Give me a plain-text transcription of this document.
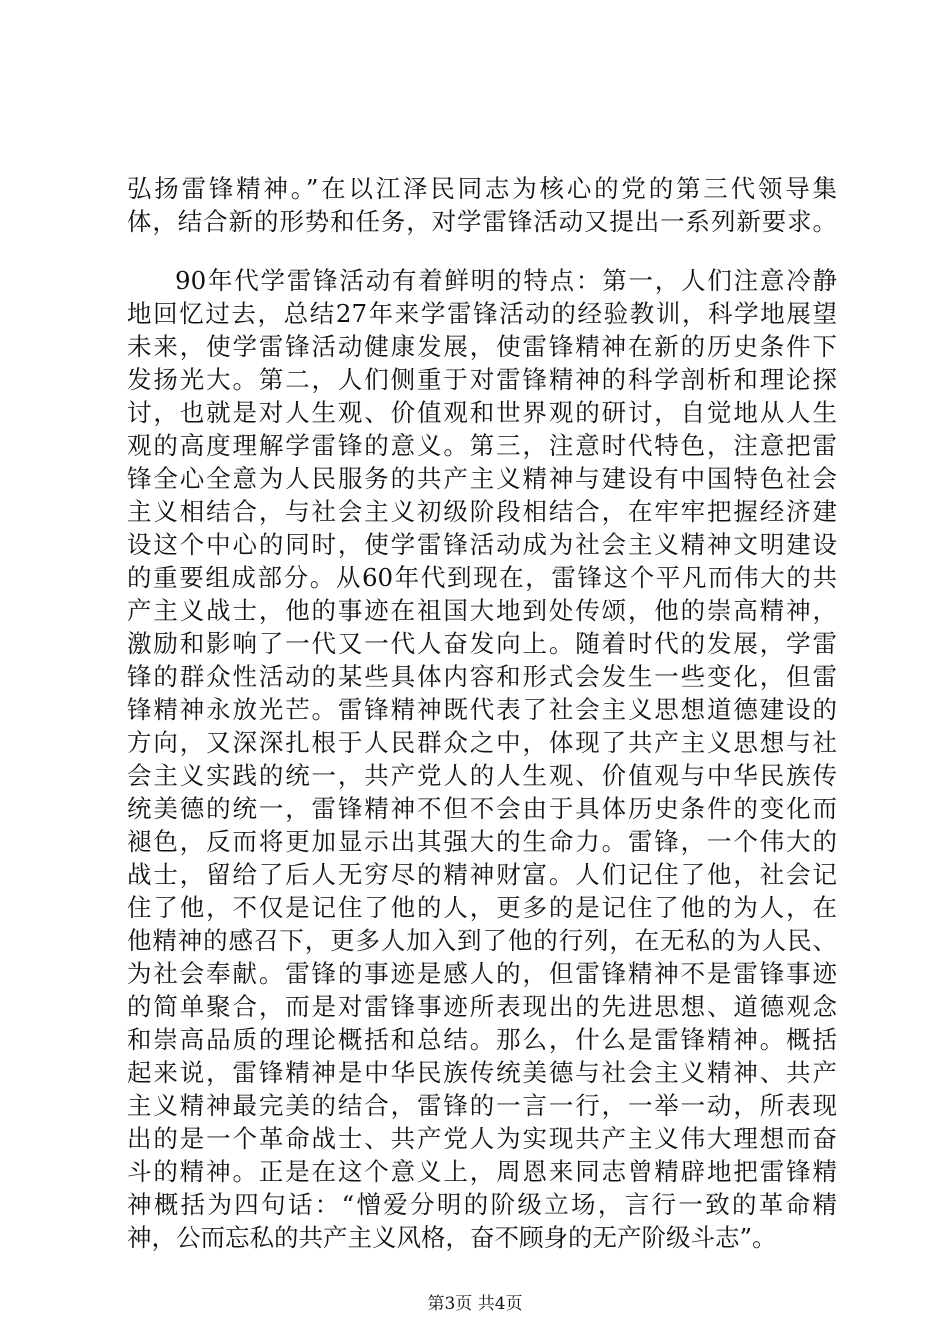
弘扬雷锋精神。”在以江泽民同志为核心的党的第三代领导集
体，结合新的形势和任务，对学雷锋活动又提出一系列新要求。
90年代学雷锋活动有着鲜明的特点：第一，人们注意冷静
地回忆过去，总结27年来学雷锋活动的经验教训，科学地展望
未来，使学雷锋活动健康发展，使雷锋精神在新的历史条件下
发扬光大。第二，人们侧重于对雷锋精神的科学剖析和理论探
讨，也就是对人生观、价值观和世界观的研讨，自觉地从人生
观的高度理解学雷锋的意义。第三，注意时代特色，注意把雷
锋全心全意为人民服务的共产主义精神与建设有中国特色社会
主义相结合，与社会主义初级阶段相结合，在牢牢把握经济建
设这个中心的同时，使学雷锋活动成为社会主义精神文明建设
的重要组成部分。从60年代到现在，雷锋这个平凡而伟大的共
产主义战士，他的事迹在祖国大地到处传颂，他的崇高精神，
激励和影响了一代又一代人奋发向上。随着时代的发展，学雷
锋的群众性活动的某些具体内容和形式会发生一些变化，但雷
锋精神永放光芒。雷锋精神既代表了社会主义思想道德建设的
方向，又深深扎根于人民群众之中，体现了共产主义思想与社
会主义实践的统一，共产党人的人生观、价值观与中华民族传
统美德的统一，雷锋精神不但不会由于具体历史条件的变化而
褪色，反而将更加显示出其强大的生命力。雷锋，一个伟大的
战士，留给了后人无穷尽的精神财富。人们记住了他，社会记
住了他，不仅是记住了他的人，更多的是记住了他的为人，在
他精神的感召下，更多人加入到了他的行列，在无私的为人民、
为社会奉献。雷锋的事迹是感人的，但雷锋精神不是雷锋事迹
的简单聚合，而是对雷锋事迹所表现出的先进思想、道德观念
和崇高品质的理论概括和总结。那么，什么是雷锋精神。概括
起来说，雷锋精神是中华民族传统美德与社会主义精神、共产
主义精神最完美的结合，雷锋的一言一行，一举一动，所表现
出的是一个革命战士、共产党人为实现共产主义伟大理想而奋
斗的精神。正是在这个意义上，周恩来同志曾精辟地把雷锋精
神概括为四句话：“憎爱分明的阶级立场，言行一致的革命精
神，公而忘私的共产主义风格，奋不顾身的无产阶级斗志”。
第3页 共4页
